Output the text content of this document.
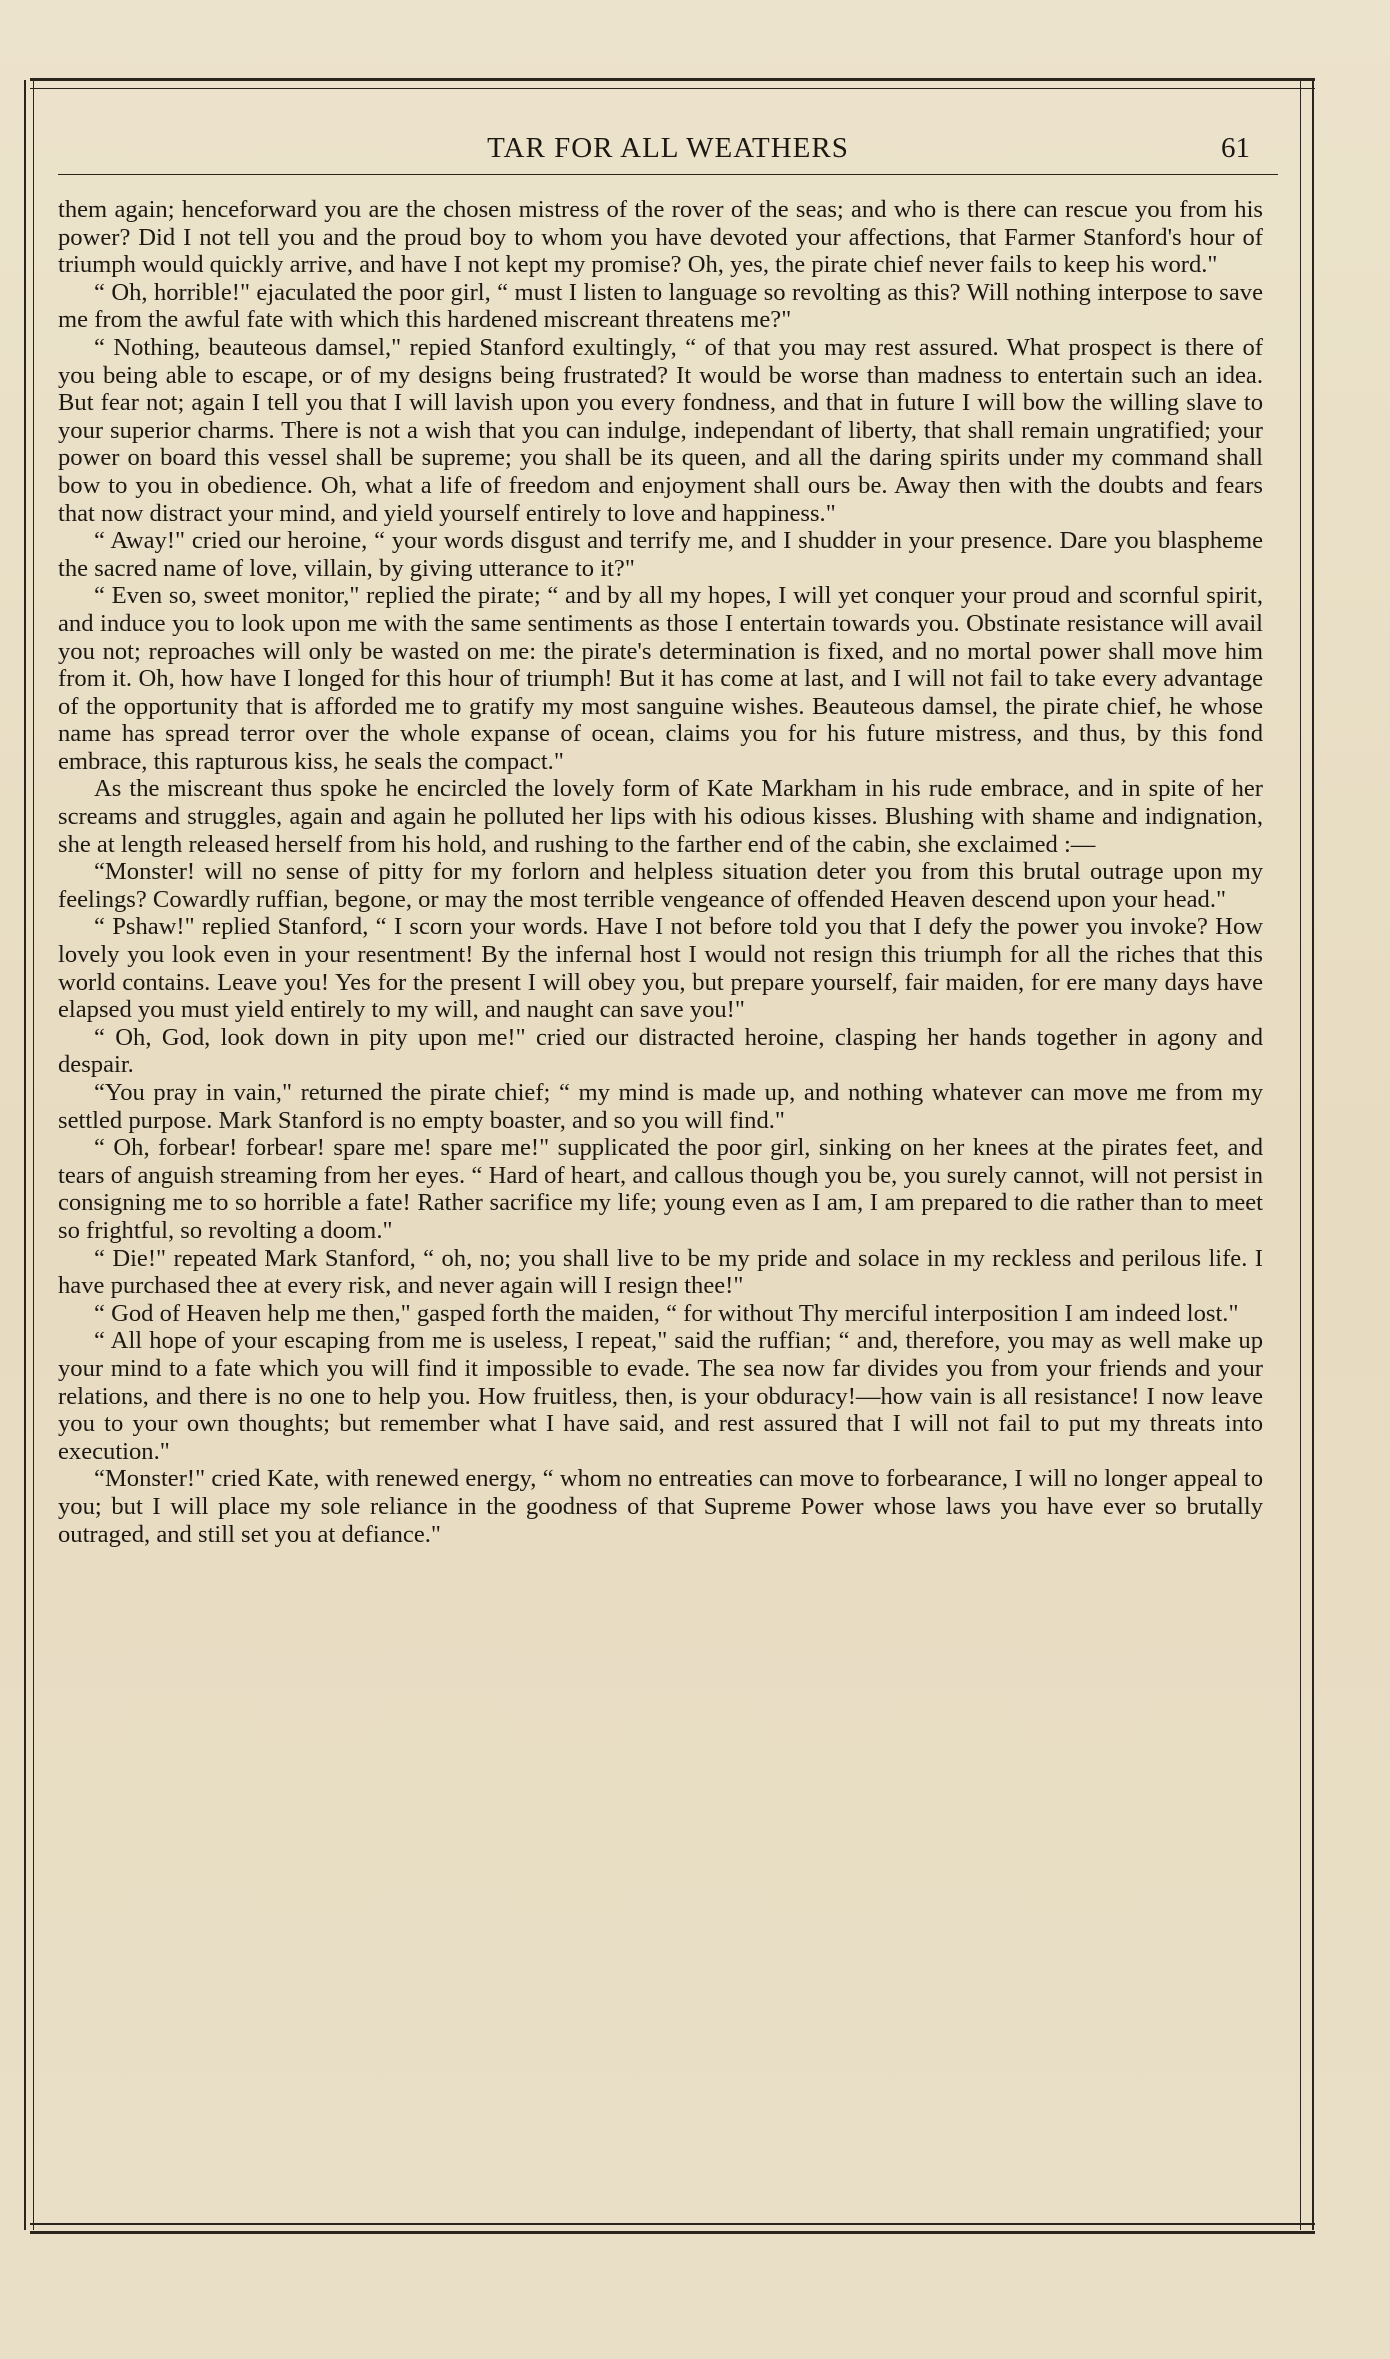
TAR FOR ALL WEATHERS	61

them again; henceforward you are the chosen mistress of the rover of the seas; and who is there can rescue you from his power? Did I not tell you and the proud boy to whom you have devoted your affections, that Farmer Stanford's hour of triumph would quickly arrive, and have I not kept my promise? Oh, yes, the pirate chief never fails to keep his word."

“ Oh, horrible!" ejaculated the poor girl, “ must I listen to language so revolting as this? Will nothing interpose to save me from the awful fate with which this hardened miscreant threatens me?"

“ Nothing, beauteous damsel," repied Stanford exultingly, “ of that you may rest assured. What prospect is there of you being able to escape, or of my designs being frustrated? It would be worse than madness to entertain such an idea. But fear not; again I tell you that I will lavish upon you every fondness, and that in future I will bow the willing slave to your superior charms. There is not a wish that you can indulge, independant of liberty, that shall remain ungratified; your power on board this vessel shall be supreme; you shall be its queen, and all the daring spirits under my command shall bow to you in obedience. Oh, what a life of freedom and enjoyment shall ours be. Away then with the doubts and fears that now distract your mind, and yield yourself entirely to love and happiness."

“ Away!" cried our heroine, “ your words disgust and terrify me, and I shudder in your presence. Dare you blaspheme the sacred name of love, villain, by giving utterance to it?"

“ Even so, sweet monitor," replied the pirate; “ and by all my hopes, I will yet conquer your proud and scornful spirit, and induce you to look upon me with the same sentiments as those I entertain towards you. Obstinate resistance will avail you not; reproaches will only be wasted on me: the pirate's determination is fixed, and no mortal power shall move him from it. Oh, how have I longed for this hour of triumph! But it has come at last, and I will not fail to take every advantage of the opportunity that is afforded me to gratify my most sanguine wishes. Beauteous damsel, the pirate chief, he whose name has spread terror over the whole expanse of ocean, claims you for his future mistress, and thus, by this fond embrace, this rapturous kiss, he seals the compact."

As the miscreant thus spoke he encircled the lovely form of Kate Markham in his rude embrace, and in spite of her screams and struggles, again and again he polluted her lips with his odious kisses. Blushing with shame and indignation, she at length released herself from his hold, and rushing to the farther end of the cabin, she exclaimed :—

“Monster! will no sense of pitty for my forlorn and helpless situation deter you from this brutal outrage upon my feelings? Cowardly ruffian, begone, or may the most terrible vengeance of offended Heaven descend upon your head."

“ Pshaw!" replied Stanford, “ I scorn your words. Have I not before told you that I defy the power you invoke? How lovely you look even in your resentment! By the infernal host I would not resign this triumph for all the riches that this world contains. Leave you! Yes for the present I will obey you, but prepare yourself, fair maiden, for ere many days have elapsed you must yield entirely to my will, and naught can save you!"

“ Oh, God, look down in pity upon me!" cried our distracted heroine, clasping her hands together in agony and despair.

“You pray in vain," returned the pirate chief; “ my mind is made up, and nothing whatever can move me from my settled purpose. Mark Stanford is no empty boaster, and so you will find."

“ Oh, forbear! forbear! spare me! spare me!" supplicated the poor girl, sinking on her knees at the pirates feet, and tears of anguish streaming from her eyes. “ Hard of heart, and callous though you be, you surely cannot, will not persist in consigning me to so horrible a fate! Rather sacrifice my life; young even as I am, I am prepared to die rather than to meet so frightful, so revolting a doom."

“ Die!" repeated Mark Stanford, “ oh, no; you shall live to be my pride and solace in my reckless and perilous life. I have purchased thee at every risk, and never again will I resign thee!"

“ God of Heaven help me then," gasped forth the maiden, “ for without Thy merciful interposition I am indeed lost."

“ All hope of your escaping from me is useless, I repeat," said the ruffian; “ and, therefore, you may as well make up your mind to a fate which you will find it impossible to evade. The sea now far divides you from your friends and your relations, and there is no one to help you. How fruitless, then, is your obduracy!—how vain is all resistance! I now leave you to your own thoughts; but remember what I have said, and rest assured that I will not fail to put my threats into execution."

“Monster!" cried Kate, with renewed energy, “ whom no entreaties can move to forbearance, I will no longer appeal to you; but I will place my sole reliance in the goodness of that Supreme Power whose laws you have ever so brutally outraged, and still set you at defiance."
